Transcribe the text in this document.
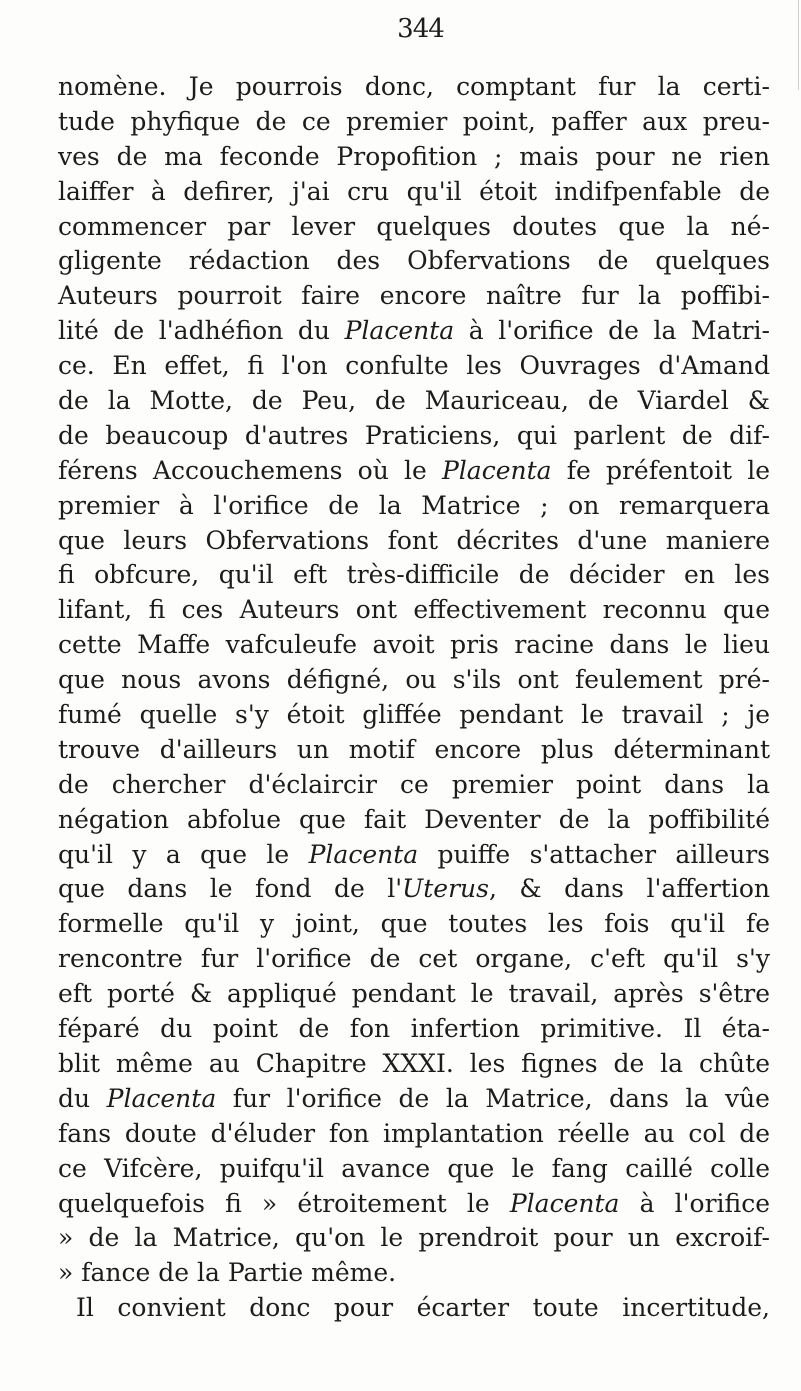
344
nomène. Je pourrois donc, comptant fur la certi-
tude phyfique de ce premier point, paffer aux preu-
ves de ma feconde Propofition ; mais pour ne rien
laiffer à defirer, j'ai cru qu'il étoit indifpenfable de
commencer par lever quelques doutes que la né-
gligente rédaction des Obfervations de quelques
Auteurs pourroit faire encore naître fur la poffibi-
lité de l'adhéfion du Placenta à l'orifice de la Matri-
ce. En effet, fi l'on confulte les Ouvrages d'Amand
de la Motte, de Peu, de Mauriceau, de Viardel &
de beaucoup d'autres Praticiens, qui parlent de dif-
férens Accouchemens où le Placenta fe préfentoit le
premier à l'orifice de la Matrice ; on remarquera
que leurs Obfervations font décrites d'une maniere
fi obfcure, qu'il eft très-difficile de décider en les
lifant, fi ces Auteurs ont effectivement reconnu que
cette Maffe vafculeufe avoit pris racine dans le lieu
que nous avons défigné, ou s'ils ont feulement pré-
fumé quelle s'y étoit gliffée pendant le travail ; je
trouve d'ailleurs un motif encore plus déterminant
de chercher d'éclaircir ce premier point dans la
négation abfolue que fait Deventer de la poffibilité
qu'il y a que le Placenta puiffe s'attacher ailleurs
que dans le fond de l'Uterus, & dans l'affertion
formelle qu'il y joint, que toutes les fois qu'il fe
rencontre fur l'orifice de cet organe, c'eft qu'il s'y
eft porté & appliqué pendant le travail, après s'être
féparé du point de fon infertion primitive. Il éta-
blit même au Chapitre XXXI. les fignes de la chûte
du Placenta fur l'orifice de la Matrice, dans la vûe
fans doute d'éluder fon implantation réelle au col de
ce Vifcère, puifqu'il avance que le fang caillé colle
quelquefois fi » étroitement le Placenta à l'orifice
» de la Matrice, qu'on le prendroit pour un excroif-
» fance de la Partie même.
Il convient donc pour écarter toute incertitude,
